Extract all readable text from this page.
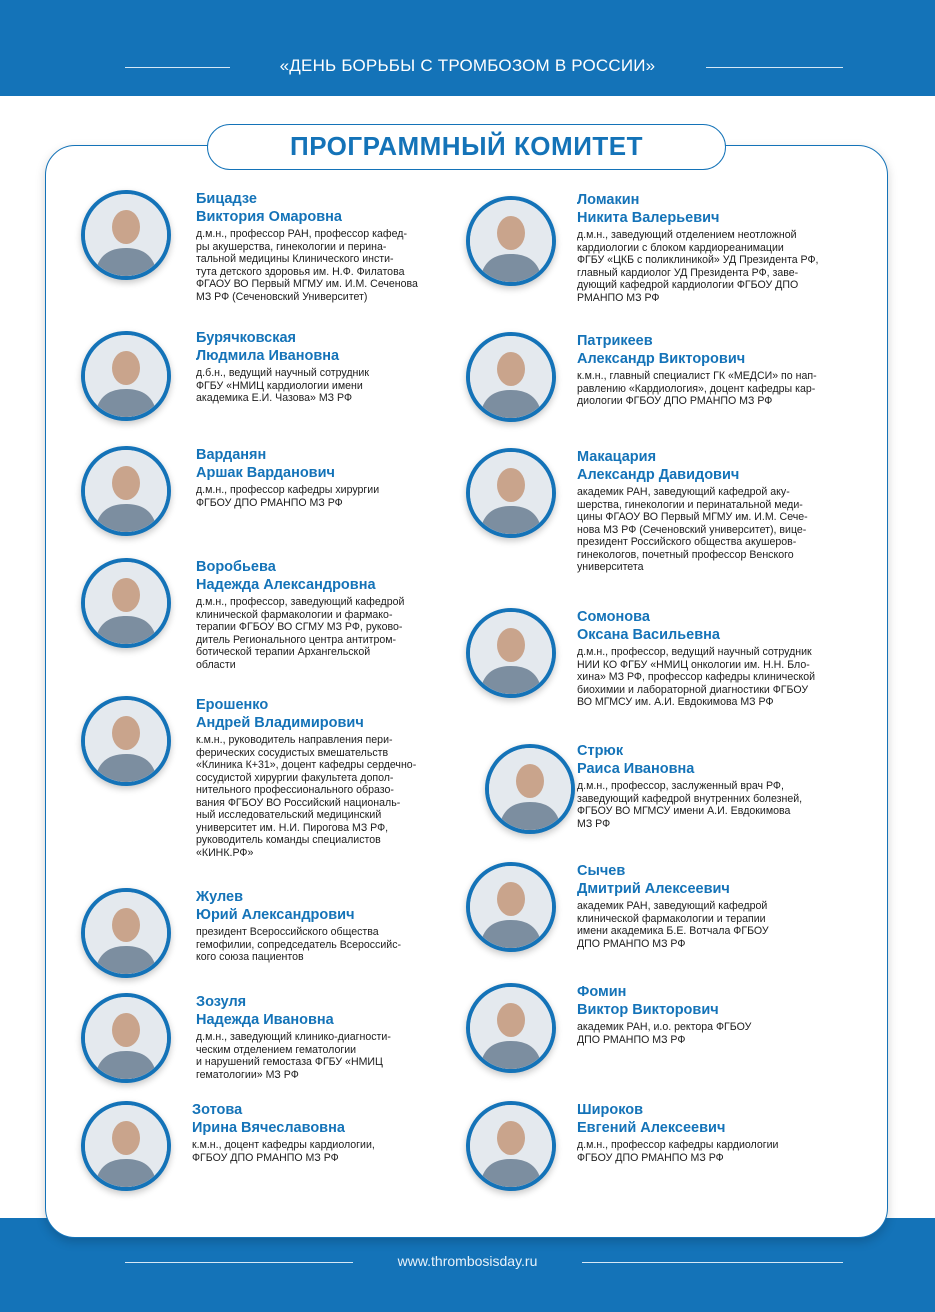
«ДЕНЬ БОРЬБЫ С ТРОМБОЗОМ В РОССИИ»
ПРОГРАММНЫЙ КОМИТЕТ
www.thrombosisday.ru
Бицадзе
Виктория Омаровна
д.м.н., профессор РАН, профессор кафед-
ры акушерства, гинекологии и перина-
тальной медицины Клинического инсти-
тута детского здоровья им. Н.Ф. Филатова
ФГАОУ ВО Первый МГМУ им. И.М. Сеченова
МЗ РФ (Сеченовский Университет)
Бурячковская
Людмила Ивановна
д.б.н., ведущий научный сотрудник
ФГБУ «НМИЦ кардиологии имени
академика Е.И. Чазова» МЗ РФ
Варданян
Аршак Варданович
д.м.н., профессор кафедры хирургии
ФГБОУ ДПО РМАНПО МЗ РФ
Воробьева
Надежда Александровна
д.м.н., профессор, заведующий кафедрой
клинической фармакологии и фармако-
терапии ФГБОУ ВО СГМУ МЗ РФ, руково-
дитель Регионального центра антитром-
ботической терапии Архангельской
области
Ерошенко
Андрей Владимирович
к.м.н., руководитель направления пери-
ферических сосудистых вмешательств
«Клиника К+31», доцент кафедры сердечно-
сосудистой хирургии факультета допол-
нительного профессионального образо-
вания ФГБОУ ВО Российский националь-
ный исследовательский медицинский
университет им. Н.И. Пирогова МЗ РФ,
руководитель команды специалистов
«КИНК.РФ»
Жулев
Юрий Александрович
президент Всероссийского общества
гемофилии, сопредседатель Всероссийс-
кого союза пациентов
Зозуля
Надежда Ивановна
д.м.н., заведующий клинико-диагности-
ческим отделением гематологии
и нарушений гемостаза ФГБУ «НМИЦ
гематологии» МЗ РФ
Зотова
Ирина Вячеславовна
к.м.н., доцент кафедры кардиологии,
ФГБОУ ДПО РМАНПО МЗ РФ
Ломакин
Никита Валерьевич
д.м.н., заведующий отделением неотложной
кардиологии с блоком кардиореанимации
ФГБУ «ЦКБ с поликлиникой» УД Президента РФ,
главный кардиолог УД Президента РФ, заве-
дующий кафедрой кардиологии ФГБОУ ДПО
РМАНПО МЗ РФ
Патрикеев
Александр Викторович
к.м.н., главный специалист ГК «МЕДСИ» по нап-
равлению «Кардиология», доцент кафедры кар-
диологии ФГБОУ ДПО РМАНПО МЗ РФ
Макацария
Александр Давидович
академик РАН, заведующий кафедрой аку-
шерства, гинекологии и перинатальной меди-
цины ФГАОУ ВО Первый МГМУ им. И.М. Сече-
нова МЗ РФ (Сеченовский университет), вице-
президент Российского общества акушеров-
гинекологов, почетный профессор Венского
университета
Сомонова
Оксана Васильевна
д.м.н., профессор, ведущий научный сотрудник
НИИ КО ФГБУ «НМИЦ онкологии им. Н.Н. Бло-
хина» МЗ РФ, профессор кафедры клинической
биохимии и лабораторной диагностики ФГБОУ
ВО МГМСУ им. А.И. Евдокимова МЗ РФ
Стрюк
Раиса Ивановна
д.м.н., профессор, заслуженный врач РФ,
заведующий кафедрой внутренних болезней,
ФГБОУ ВО МГМСУ имени А.И. Евдокимова
МЗ РФ
Сычев
Дмитрий Алексеевич
академик РАН, заведующий кафедрой
клинической фармакологии и терапии
имени академика Б.Е. Вотчала ФГБОУ
ДПО РМАНПО МЗ РФ
Фомин
Виктор Викторович
академик РАН, и.о. ректора ФГБОУ
ДПО РМАНПО МЗ РФ
Широков
Евгений Алексеевич
д.м.н., профессор кафедры кардиологии
ФГБОУ ДПО РМАНПО МЗ РФ
